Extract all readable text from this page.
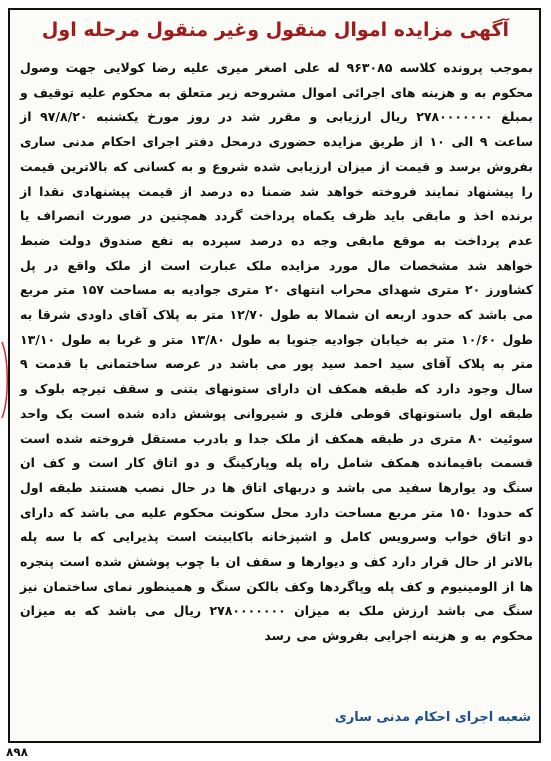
آگهی مزایده اموال منقول وغیر منقول مرحله اول
بموجب پرونده کلاسه ۹۶۳۰۸۵ له علی اصغر میری علیه رضا کولایی جهت وصول محکوم به و هزینه های اجرائی اموال مشروحه زیر متعلق به محکوم علیه توقیف و بمبلغ ۲۷۸۰۰۰۰۰۰۰ ریال ارزیابی و مقرر شد در روز مورخ یکشنبه ۹۷/۸/۲۰ از ساعت ۹ الی ۱۰ از طریق مزایده حضوری درمحل دفتر اجرای احکام مدنی ساری بفروش برسد و قیمت از میزان ارزیابی شده شروع و به کسانی که بالاترین قیمت را پیشنهاد نمایند فروخته خواهد شد ضمنا ده درصد از قیمت پیشنهادی نقدا از برنده اخذ و مابقی باید ظرف یکماه پرداخت گردد همچنین در صورت انصراف یا عدم پرداخت به موقع مابقی وجه ده درصد سپرده به نفع صندوق دولت ضبط خواهد شد مشخصات مال مورد مزایده ملک عبارت است از ملک واقع در پل کشاورز ۲۰ متری شهدای محراب انتهای ۲۰ متری جوادیه به مساحت ۱۵۷ متر مربع می باشد که حدود اربعه ان شمالا به طول ۱۲/۷۰ متر به پلاک آقای داودی شرقا به طول ۱۰/۶۰ متر به خیابان جوادیه جنوبا به طول ۱۳/۸۰ متر و غربا به طول ۱۳/۱۰ متر به پلاک آقای سید احمد سید پور می باشد در عرصه ساختمانی با قدمت ۹ سال وجود دارد که طبقه همکف ان دارای ستونهای بتنی و سقف تیرچه بلوک و طبقه اول باستونهای قوطی فلزی و شیروانی پوشش داده شده است یک واحد سوئیت ۸۰ متری در طبقه همکف از ملک جدا و بادرب مستقل فروخته شده است قسمت باقیمانده همکف شامل راه پله وپارکینگ و دو اتاق کار است و کف ان سنگ ود یوارها سفید می باشد و دربهای اتاق ها در حال نصب هستند طبقه اول که حدودا ۱۵۰ متر مربع مساحت دارد محل سکونت محکوم علیه می باشد که دارای دو اتاق خواب وسرویس کامل و اشپزخانه باکابینت است پذیرایی که با سه پله بالاتر از حال قرار دارد کف و دیوارها و سقف ان با چوب پوشش شده است پنجره ها از الومینیوم و کف پله وپاگردها وکف بالکن سنگ و همینطور نمای ساختمان نیز سنگ می باشد ارزش ملک به میزان ۲۷۸۰۰۰۰۰۰۰ ریال می باشد که به میزان محکوم به و هزینه اجرایی بفروش می رسد
شعبه اجرای احکام مدنی ساری
۸۹۸
